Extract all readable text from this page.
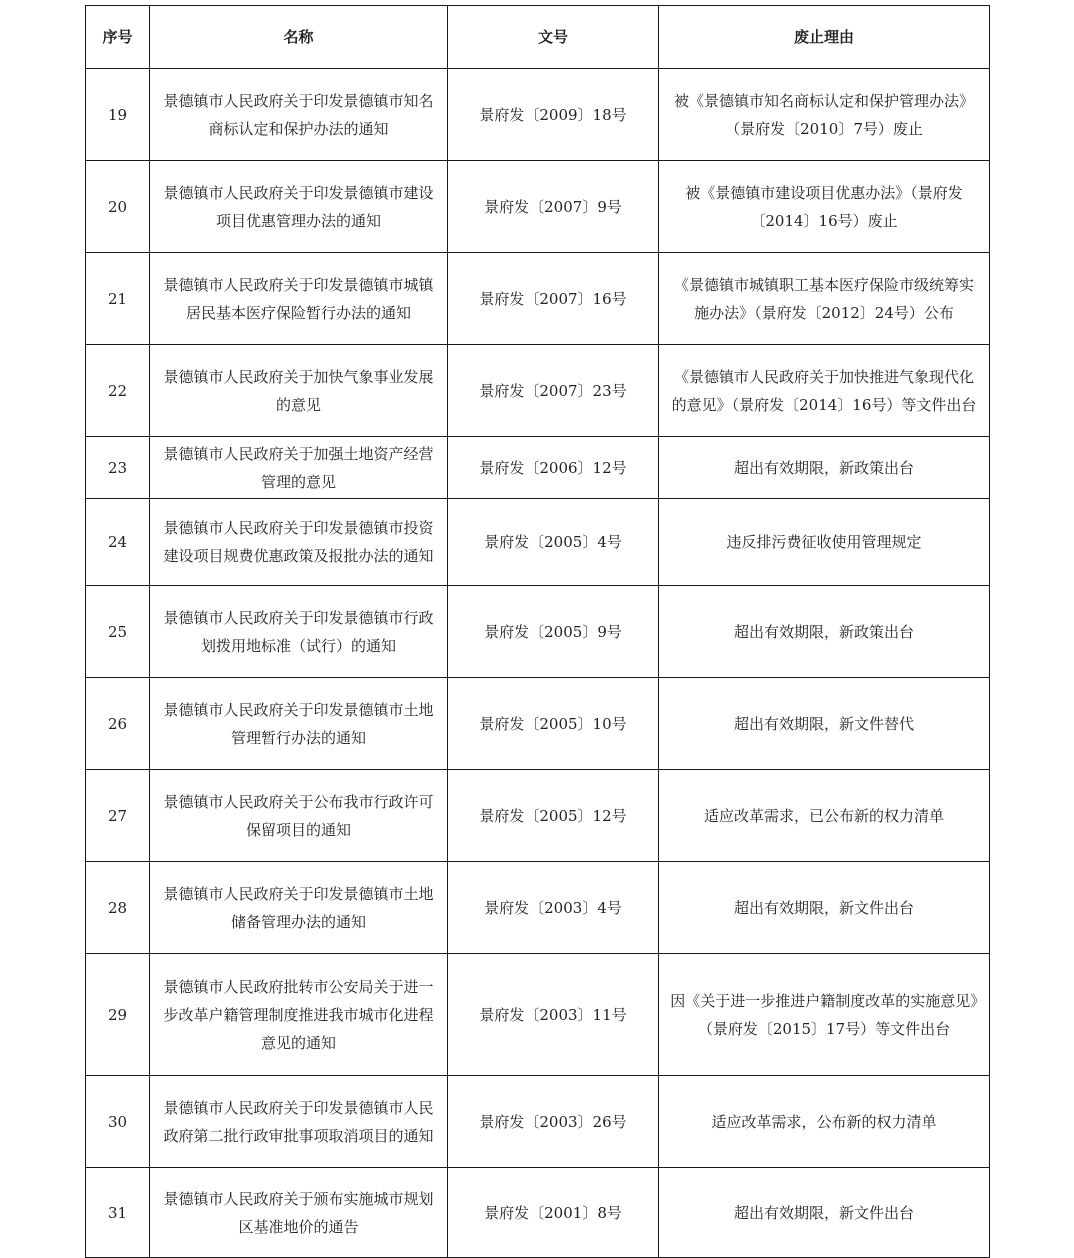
序号	名称	文号	废止理由
19	景德镇市人民政府关于印发景德镇市知名商标认定和保护办法的通知	景府发〔2009〕18号	被《景德镇市知名商标认定和保护管理办法》（景府发〔2010〕7号）废止
20	景德镇市人民政府关于印发景德镇市建设项目优惠管理办法的通知	景府发〔2007〕9号	被《景德镇市建设项目优惠办法》（景府发〔2014〕16号）废止
21	景德镇市人民政府关于印发景德镇市城镇居民基本医疗保险暂行办法的通知	景府发〔2007〕16号	《景德镇市城镇职工基本医疗保险市级统筹实施办法》（景府发〔2012〕24号）公布
22	景德镇市人民政府关于加快气象事业发展的意见	景府发〔2007〕23号	《景德镇市人民政府关于加快推进气象现代化的意见》（景府发〔2014〕16号）等文件出台
23	景德镇市人民政府关于加强土地资产经营管理的意见	景府发〔2006〕12号	超出有效期限，新政策出台
24	景德镇市人民政府关于印发景德镇市投资建设项目规费优惠政策及报批办法的通知	景府发〔2005〕4号	违反排污费征收使用管理规定
25	景德镇市人民政府关于印发景德镇市行政划拨用地标准（试行）的通知	景府发〔2005〕9号	超出有效期限，新政策出台
26	景德镇市人民政府关于印发景德镇市土地管理暂行办法的通知	景府发〔2005〕10号	超出有效期限，新文件替代
27	景德镇市人民政府关于公布我市行政许可保留项目的通知	景府发〔2005〕12号	适应改革需求，已公布新的权力清单
28	景德镇市人民政府关于印发景德镇市土地储备管理办法的通知	景府发〔2003〕4号	超出有效期限，新文件出台
29	景德镇市人民政府批转市公安局关于进一步改革户籍管理制度推进我市城市化进程意见的通知	景府发〔2003〕11号	因《关于进一步推进户籍制度改革的实施意见》（景府发〔2015〕17号）等文件出台
30	景德镇市人民政府关于印发景德镇市人民政府第二批行政审批事项取消项目的通知	景府发〔2003〕26号	适应改革需求，公布新的权力清单
31	景德镇市人民政府关于颁布实施城市规划区基准地价的通告	景府发〔2001〕8号	超出有效期限，新文件出台
